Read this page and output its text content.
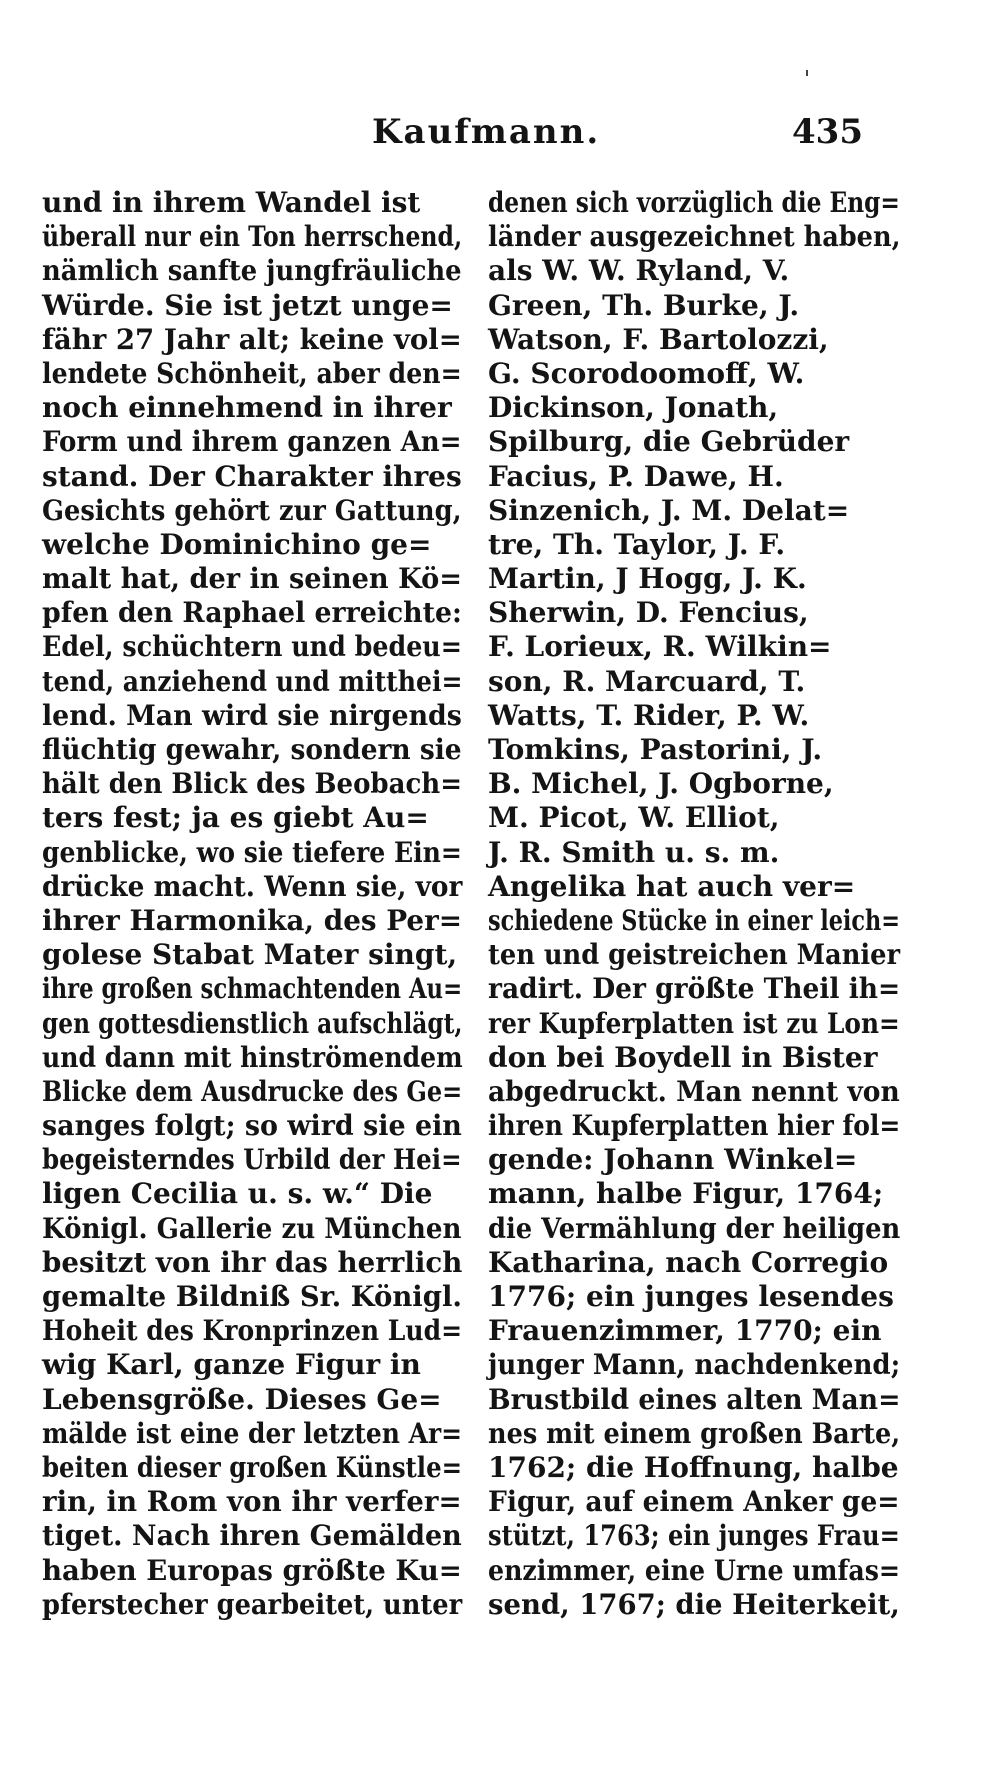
Kaufmann.	435
und in ihrem Wandel ist
überall nur ein Ton herrschend,
nämlich sanfte jungfräuliche
Würde. Sie ist jetzt unge=
fähr 27 Jahr alt; keine vol=
lendete Schönheit, aber den=
noch einnehmend in ihrer
Form und ihrem ganzen An=
stand. Der Charakter ihres
Gesichts gehört zur Gattung,
welche Dominichino ge=
malt hat, der in seinen Kö=
pfen den Raphael erreichte:
Edel, schüchtern und bedeu=
tend, anziehend und mitthei=
lend. Man wird sie nirgends
flüchtig gewahr, sondern sie
hält den Blick des Beobach=
ters fest; ja es giebt Au=
genblicke, wo sie tiefere Ein=
drücke macht. Wenn sie, vor
ihrer Harmonika, des Per=
golese Stabat Mater singt,
ihre großen schmachtenden Au=
gen gottesdienstlich aufschlägt,
und dann mit hinströmendem
Blicke dem Ausdrucke des Ge=
sanges folgt; so wird sie ein
begeisterndes Urbild der Hei=
ligen Cecilia u. s. w.“ Die
Königl. Gallerie zu München
besitzt von ihr das herrlich
gemalte Bildniß Sr. Königl.
Hoheit des Kronprinzen Lud=
wig Karl, ganze Figur in
Lebensgröße. Dieses Ge=
mälde ist eine der letzten Ar=
beiten dieser großen Künstle=
rin, in Rom von ihr verfer=
tiget. Nach ihren Gemälden
haben Europas größte Ku=
pferstecher gearbeitet, unter
denen sich vorzüglich die Eng=
länder ausgezeichnet haben,
als W. W. Ryland, V.
Green, Th. Burke, J.
Watson, F. Bartolozzi,
G. Scorodoomoff, W.
Dickinson, Jonath,
Spilburg, die Gebrüder
Facius, P. Dawe, H.
Sinzenich, J. M. Delat=
tre, Th. Taylor, J. F.
Martin, J Hogg, J. K.
Sherwin, D. Fencius,
F. Lorieux, R. Wilkin=
son, R. Marcuard, T.
Watts, T. Rider, P. W.
Tomkins, Pastorini, J.
B. Michel, J. Ogborne,
M. Picot, W. Elliot,
J. R. Smith u. s. m.
Angelika hat auch ver=
schiedene Stücke in einer leich=
ten und geistreichen Manier
radirt. Der größte Theil ih=
rer Kupferplatten ist zu Lon=
don bei Boydell in Bister
abgedruckt. Man nennt von
ihren Kupferplatten hier fol=
gende: Johann Winkel=
mann, halbe Figur, 1764;
die Vermählung der heiligen
Katharina, nach Corregio
1776; ein junges lesendes
Frauenzimmer, 1770; ein
junger Mann, nachdenkend;
Brustbild eines alten Man=
nes mit einem großen Barte,
1762; die Hoffnung, halbe
Figur, auf einem Anker ge=
stützt, 1763; ein junges Frau=
enzimmer, eine Urne umfas=
send, 1767; die Heiterkeit,
